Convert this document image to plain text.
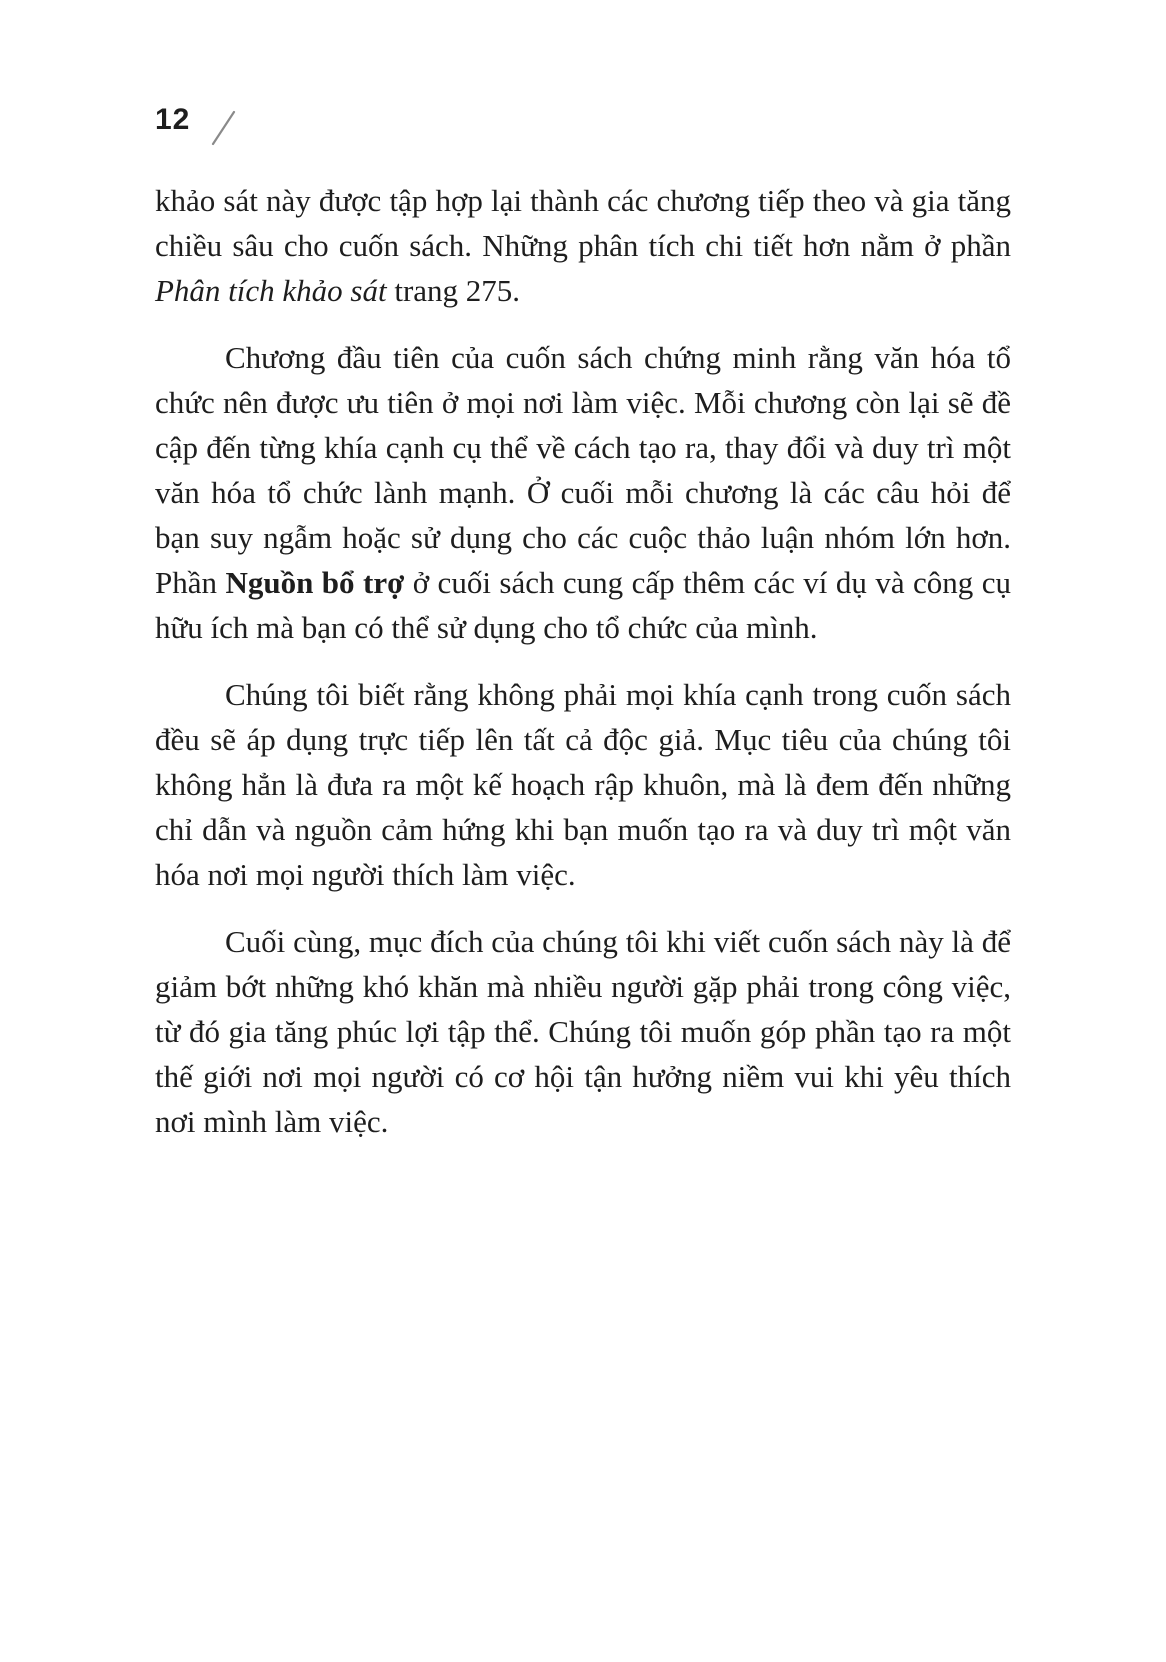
12

khảo sát này được tập hợp lại thành các chương tiếp theo và gia tăng chiều sâu cho cuốn sách. Những phân tích chi tiết hơn nằm ở phần Phân tích khảo sát trang 275.

Chương đầu tiên của cuốn sách chứng minh rằng văn hóa tổ chức nên được ưu tiên ở mọi nơi làm việc. Mỗi chương còn lại sẽ đề cập đến từng khía cạnh cụ thể về cách tạo ra, thay đổi và duy trì một văn hóa tổ chức lành mạnh. Ở cuối mỗi chương là các câu hỏi để bạn suy ngẫm hoặc sử dụng cho các cuộc thảo luận nhóm lớn hơn. Phần Nguồn bổ trợ ở cuối sách cung cấp thêm các ví dụ và công cụ hữu ích mà bạn có thể sử dụng cho tổ chức của mình.

Chúng tôi biết rằng không phải mọi khía cạnh trong cuốn sách đều sẽ áp dụng trực tiếp lên tất cả độc giả. Mục tiêu của chúng tôi không hẳn là đưa ra một kế hoạch rập khuôn, mà là đem đến những chỉ dẫn và nguồn cảm hứng khi bạn muốn tạo ra và duy trì một văn hóa nơi mọi người thích làm việc.

Cuối cùng, mục đích của chúng tôi khi viết cuốn sách này là để giảm bớt những khó khăn mà nhiều người gặp phải trong công việc, từ đó gia tăng phúc lợi tập thể. Chúng tôi muốn góp phần tạo ra một thế giới nơi mọi người có cơ hội tận hưởng niềm vui khi yêu thích nơi mình làm việc.
